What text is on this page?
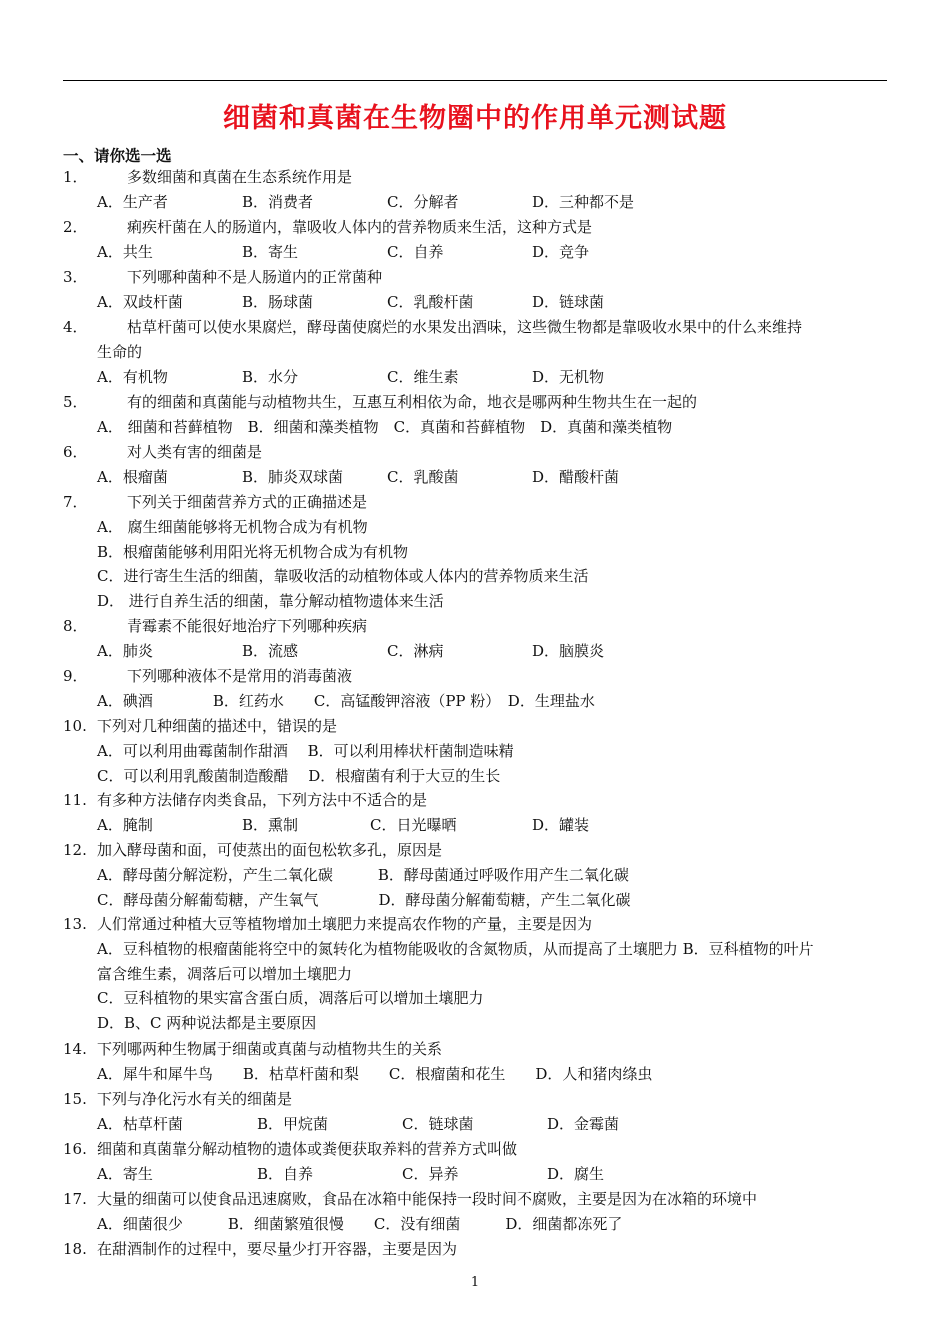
细菌和真菌在生物圈中的作用单元测试题
一、请你选一选
1．	多数细菌和真菌在生态系统作用是
A．生产者	B．消费者	C．分解者	D．三种都不是
2．	痢疾杆菌在人的肠道内，靠吸收人体内的营养物质来生活，这种方式是
A．共生	B．寄生	C．自养	D．竞争
3．	下列哪种菌种不是人肠道内的正常菌种
A．双歧杆菌	B．肠球菌	C．乳酸杆菌	D．链球菌
4．	枯草杆菌可以使水果腐烂，酵母菌使腐烂的水果发出酒味，这些微生物都是靠吸收水果中的什么来维持
生命的
A．有机物	B．水分	C．维生素	D．无机物
5．	有的细菌和真菌能与动植物共生，互惠互利相依为命，地衣是哪两种生物共生在一起的
A． 细菌和苔藓植物　B．细菌和藻类植物　C．真菌和苔藓植物　D．真菌和藻类植物
6．	对人类有害的细菌是
A．根瘤菌	B．肺炎双球菌	C．乳酸菌	D．醋酸杆菌
7．	下列关于细菌营养方式的正确描述是
A． 腐生细菌能够将无机物合成为有机物
B．根瘤菌能够利用阳光将无机物合成为有机物
C．进行寄生生活的细菌，靠吸收活的动植物体或人体内的营养物质来生活
D． 进行自养生活的细菌，靠分解动植物遗体来生活
8．	青霉素不能很好地治疗下列哪种疾病
A．肺炎	B．流感	C．淋病	D．脑膜炎
9．	下列哪种液体不是常用的消毒菌液
A．碘酒　　　　B．红药水　　C．高锰酸钾溶液（PP 粉）　D．生理盐水
10. 下列对几种细菌的描述中，错误的是
A．可以利用曲霉菌制作甜酒　 B．可以利用棒状杆菌制造味精
C．可以利用乳酸菌制造酸醋　 D．根瘤菌有利于大豆的生长
11. 有多种方法储存肉类食品，下列方法中不适合的是
A．腌制	B．熏制	C．日光曝晒	D．罐装
12. 加入酵母菌和面，可使蒸出的面包松软多孔，原因是
A．酵母菌分解淀粉，产生二氧化碳　　　B．酵母菌通过呼吸作用产生二氧化碳
C．酵母菌分解葡萄糖，产生氧气　　　　D．酵母菌分解葡萄糖，产生二氧化碳
13. 人们常通过种植大豆等植物增加土壤肥力来提高农作物的产量，主要是因为
A．豆科植物的根瘤菌能将空中的氮转化为植物能吸收的含氮物质，从而提高了土壤肥力 B．豆科植物的叶片
富含维生素，凋落后可以增加土壤肥力
C．豆科植物的果实富含蛋白质，凋落后可以增加土壤肥力
D．B、C 两种说法都是主要原因
14. 下列哪两种生物属于细菌或真菌与动植物共生的关系
A．犀牛和犀牛鸟　　B．枯草杆菌和梨　　C．根瘤菌和花生　　D．人和猪肉绦虫
15. 下列与净化污水有关的细菌是
A．枯草杆菌	B．甲烷菌	C．链球菌	D．金霉菌
16. 细菌和真菌靠分解动植物的遗体或粪便获取养料的营养方式叫做
A．寄生	B．自养	C．异养	D．腐生
17. 大量的细菌可以使食品迅速腐败，食品在冰箱中能保持一段时间不腐败，主要是因为在冰箱的环境中
A．细菌很少　　　B．细菌繁殖很慢　　C．没有细菌　　　D．细菌都冻死了
18. 在甜酒制作的过程中，要尽量少打开容器，主要是因为
1
